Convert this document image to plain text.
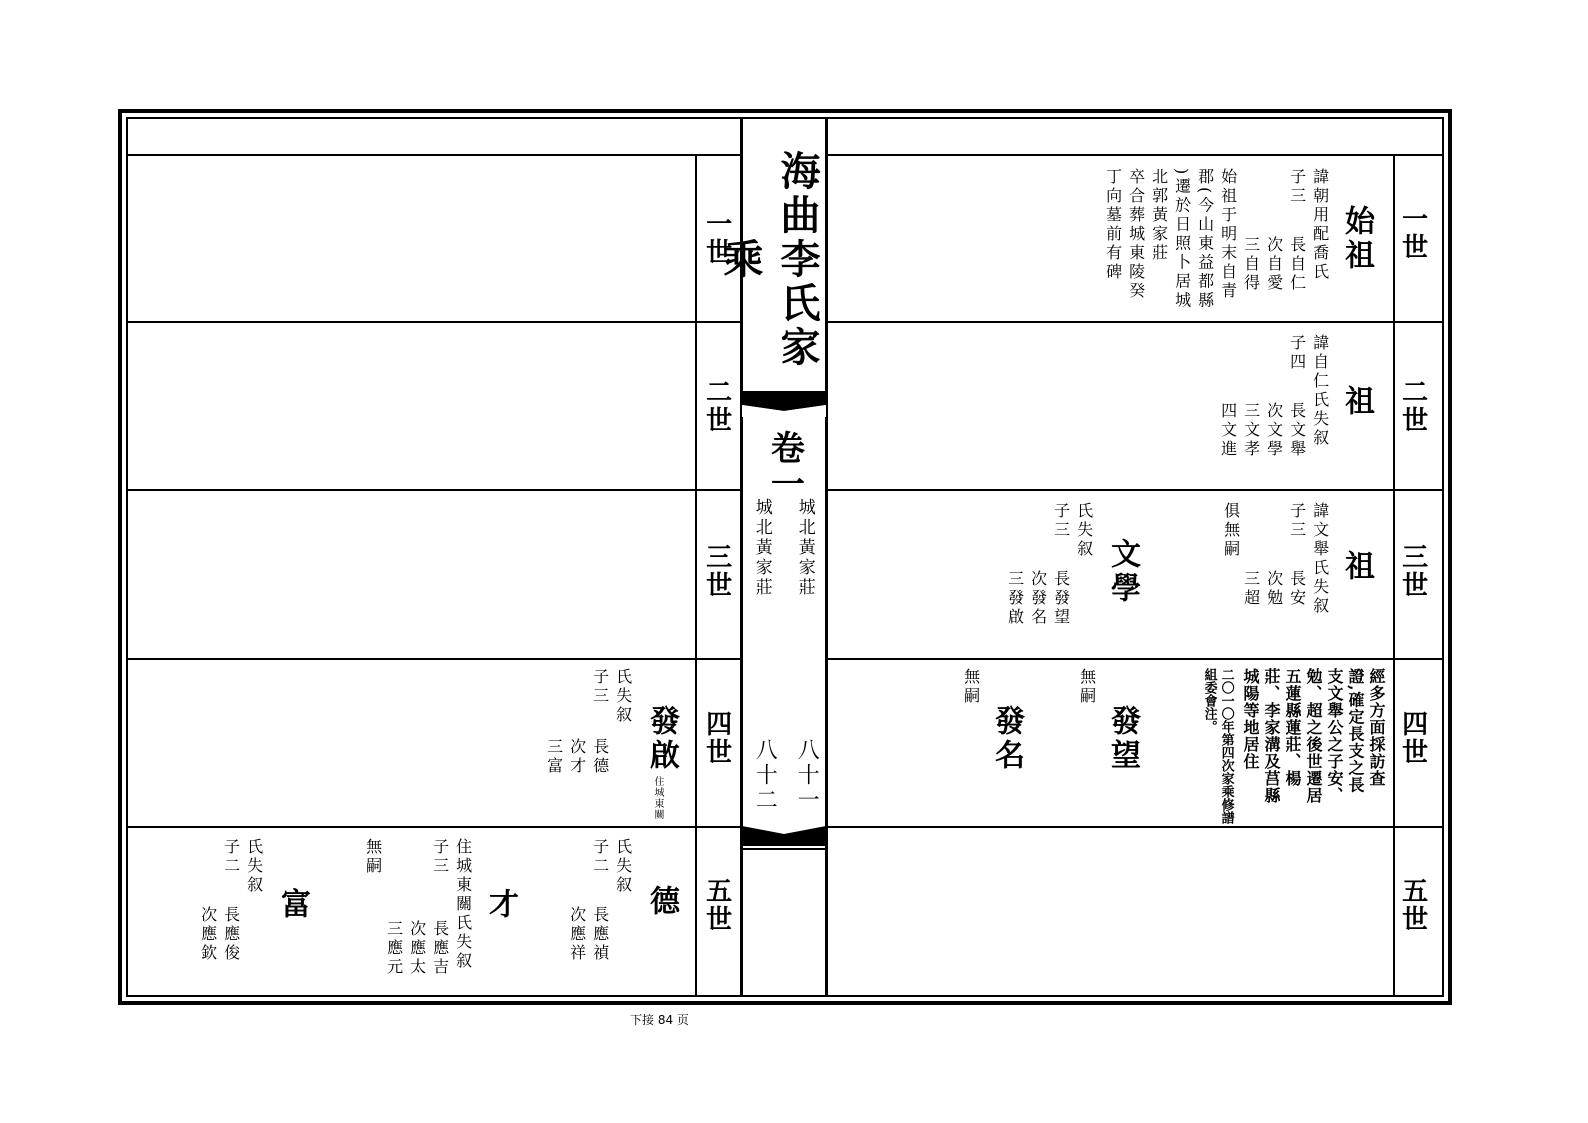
海曲李氏家乘
卷一
城北黃家莊
城北黃家莊
八十一
八十二
一世
二世
三世
四世
五世
一世
二世
三世
四世
五世
始祖
諱朝用配喬氏
子三
長自仁
次自愛
三自得
始祖于明末自青
郡(今山東益都縣
)遷於日照卜居城
北郭黃家莊
卒合葬城東陵癸
丁向墓前有碑
祖
諱自仁氏失叙
子四
長文舉
次文學
三文孝
四文進
祖
諱文舉氏失叙
子三
長安
次勉
三超
俱無嗣
文學
氏失叙
子三
長發望
次發名
三發啟
經多方面採訪查
證,確定長支之長
支文舉公之子安、
勉、超之後世遷居
五蓮縣蓮莊、楊
莊、李家溝及莒縣
城陽等地居住
二〇一〇年第四次家乘修譜
組委會注。
發望
無嗣
發名
無嗣
發啟
住城東關
氏失叙
子三
長德
次才
三富
德
氏失叙
子二
長應禎
次應祥
才
住城東關氏失叙
子三
長應吉
次應太
三應元
無嗣
富
氏失叙
子二
長應俊
次應欽
下接 84 页
